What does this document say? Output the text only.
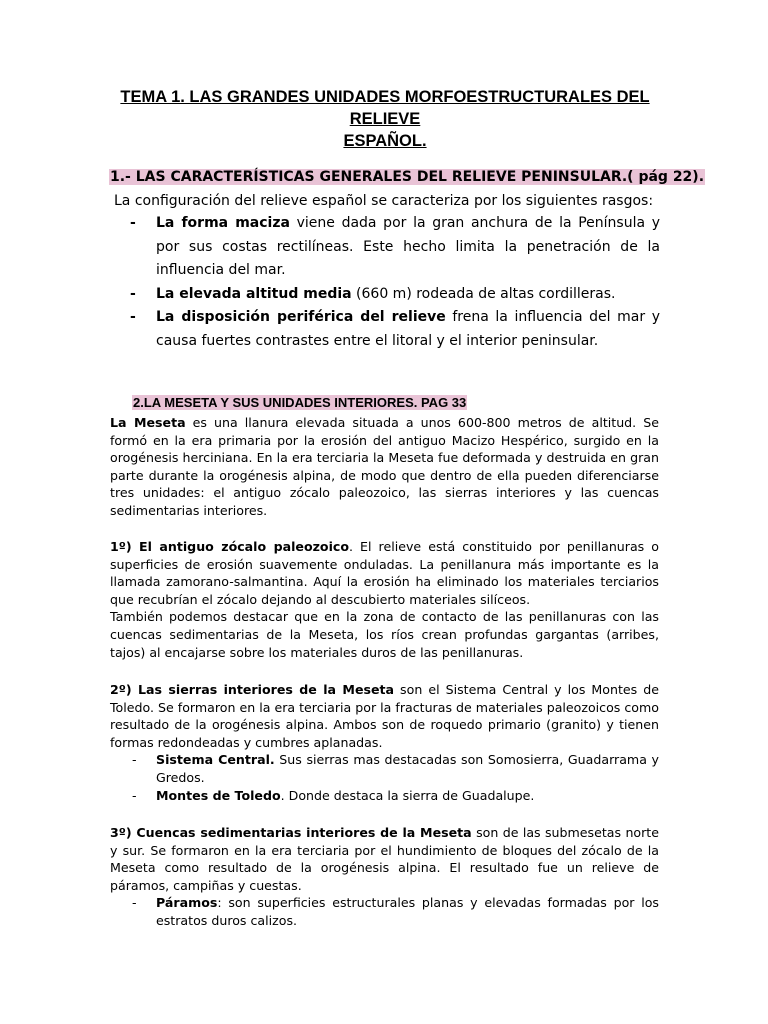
TEMA 1. LAS GRANDES UNIDADES MORFOESTRUCTURALES DEL RELIEVE
ESPAÑOL.
1.- LAS CARACTERÍSTICAS GENERALES DEL RELIEVE PENINSULAR.( pág 22).
La configuración del relieve español se caracteriza por los siguientes rasgos:
- La forma maciza viene dada por la gran anchura de la Península y por sus costas rectilíneas. Este hecho limita la penetración de la influencia del mar.
- La elevada altitud media (660 m) rodeada de altas cordilleras.
- La disposición periférica del relieve frena la influencia del mar y causa fuertes contrastes entre el litoral y el interior peninsular.
2.LA MESETA Y SUS UNIDADES INTERIORES. PAG 33

La Meseta es una llanura elevada situada a unos 600-800 metros de altitud. Se formó en la era primaria por la erosión del antiguo Macizo Hespérico, surgido en la orogénesis herciniana. En la era terciaria la Meseta fue deformada y destruida en gran parte durante la orogénesis alpina, de modo que dentro de ella pueden diferenciarse tres unidades: el antiguo zócalo paleozoico, las sierras interiores y las cuencas sedimentarias interiores.

1º) El antiguo zócalo paleozoico. El relieve está constituido por penillanuras o superficies de erosión suavemente onduladas. La penillanura más importante es la llamada zamorano-salmantina. Aquí la erosión ha eliminado los materiales terciarios que recubrían el zócalo dejando al descubierto materiales silíceos.

También podemos destacar que en la zona de contacto de las penillanuras con las cuencas sedimentarias de la Meseta, los ríos crean profundas gargantas (arribes, tajos) al encajarse sobre los materiales duros de las penillanuras.

2º) Las sierras interiores de la Meseta son el Sistema Central y los Montes de Toledo. Se formaron en la era terciaria por la fracturas de materiales paleozoicos como resultado de la orogénesis alpina. Ambos son de roquedo primario (granito) y tienen formas redondeadas y cumbres aplanadas.

- Sistema Central. Sus sierras mas destacadas son Somosierra, Guadarrama y Gredos.
- Montes de Toledo. Donde destaca la sierra de Guadalupe.

3º) Cuencas sedimentarias interiores de la Meseta son de las submesetas norte y sur. Se formaron en la era terciaria por el hundimiento de bloques del zócalo de la Meseta como resultado de la orogénesis alpina. El resultado fue un relieve de páramos, campiñas y cuestas.

- Páramos: son superficies estructurales planas y elevadas formadas por los estratos duros calizos.
